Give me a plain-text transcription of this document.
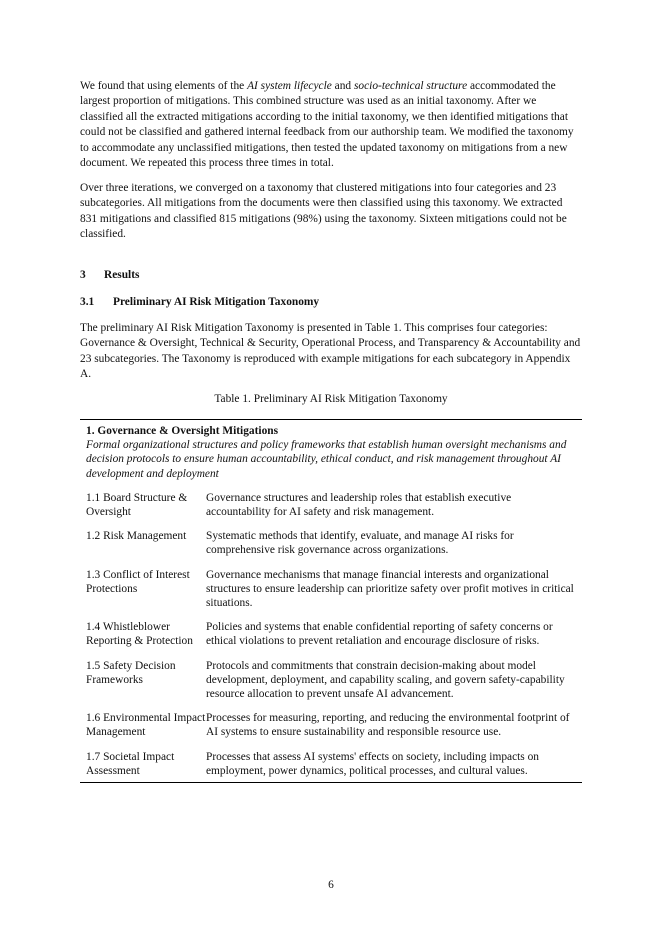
We found that using elements of the AI system lifecycle and socio-technical structure accommodated the largest proportion of mitigations. This combined structure was used as an initial taxonomy. After we classified all the extracted mitigations according to the initial taxonomy, we then identified mitigations that could not be classified and gathered internal feedback from our authorship team. We modified the taxonomy to accommodate any unclassified mitigations, then tested the updated taxonomy on mitigations from a new document. We repeated this process three times in total.

Over three iterations, we converged on a taxonomy that clustered mitigations into four categories and 23 subcategories. All mitigations from the documents were then classified using this taxonomy. We extracted 831 mitigations and classified 815 mitigations (98%) using the taxonomy. Sixteen mitigations could not be classified.

3 Results

3.1 Preliminary AI Risk Mitigation Taxonomy

The preliminary AI Risk Mitigation Taxonomy is presented in Table 1. This comprises four categories: Governance & Oversight, Technical & Security, Operational Process, and Transparency & Accountability and 23 subcategories. The Taxonomy is reproduced with example mitigations for each subcategory in Appendix A.

Table 1. Preliminary AI Risk Mitigation Taxonomy

1. Governance & Oversight Mitigations
Formal organizational structures and policy frameworks that establish human oversight mechanisms and decision protocols to ensure human accountability, ethical conduct, and risk management throughout AI development and deployment
1.1 Board Structure & Oversight
Governance structures and leadership roles that establish executive accountability for AI safety and risk management.
1.2 Risk Management	Systematic methods that identify, evaluate, and manage AI risks for comprehensive risk governance across organizations.
1.3 Conflict of Interest Protections
Governance mechanisms that manage financial interests and organizational structures to ensure leadership can prioritize safety over profit motives in critical situations.
1.4 Whistleblower Reporting & Protection
Policies and systems that enable confidential reporting of safety concerns or ethical violations to prevent retaliation and encourage disclosure of risks.
1.5 Safety Decision Frameworks
Protocols and commitments that constrain decision-making about model development, deployment, and capability scaling, and govern safety-capability resource allocation to prevent unsafe AI advancement.
1.6 Environmental Impact Management
Processes for measuring, reporting, and reducing the environmental footprint of AI systems to ensure sustainability and responsible resource use.
1.7 Societal Impact Assessment
Processes that assess AI systems' effects on society, including impacts on employment, power dynamics, political processes, and cultural values.
6
